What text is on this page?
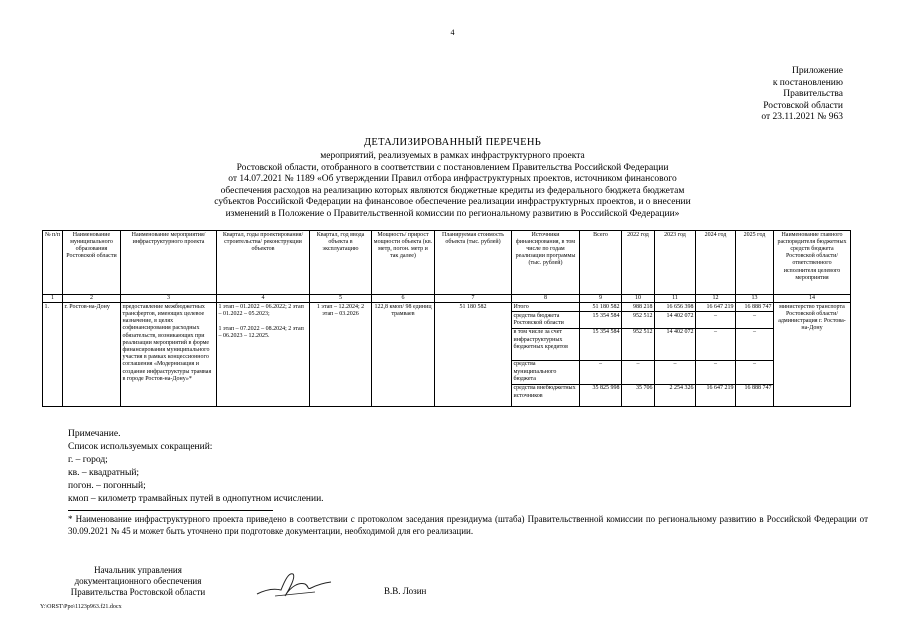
4
Приложение
к постановлению
Правительства
Ростовской области
от 23.11.2021 № 963
ДЕТАЛИЗИРОВАННЫЙ ПЕРЕЧЕНЬ
мероприятий, реализуемых в рамках инфраструктурного проекта
Ростовской области, отобранного в соответствии с постановлением Правительства Российской Федерации
от 14.07.2021 № 1189 «Об утверждении Правил отбора инфраструктурных проектов, источником финансового
обеспечения расходов на реализацию которых являются бюджетные кредиты из федерального бюджета бюджетам
субъектов Российской Федерации на финансовое обеспечение реализации инфраструктурных проектов, и о внесении
изменений в Положение о Правительственной комиссии по региональному развитию в Российской Федерации»
№ п/п	Наименование муниципального образования Ростовской области	Наименование мероприятия/ инфраструктурного проекта	Квартал, годы проектирования/ строительства/ реконструкции объектов	Квартал, год ввода объекта в эксплуатацию	Мощность/ прирост мощности объекта (кв. метр, погон. метр и так далее)	Планируемая стоимость объекта (тыс. рублей)	Источники финансирования, в том числе по годам реализации программы (тыс. рублей)	Всего	2022 год	2023 год	2024 год	2025 год	Наименование главного распорядителя бюджетных средств бюджета Ростовской области/ответственного исполнителя целевого мероприятия
1	2	3	4	5	6	7	8	9	10	11	12	13	14
1.	г. Ростов-на-Дону	предоставление межбюджетных трансфертов, имеющих целевое назначение, в целях софинансирования расходных обязательств, возникающих при реализации мероприятий в форме финансирования муниципального участия в рамках концессионного соглашения «Модернизация и создание инфраструктуры трамвая в городе Ростов-на-Дону»*	1 этап – 01.2022 – 06.2022; 2 этап – 01.2022 – 05.2023;
1 этап – 07.2022 – 08.2024; 2 этап – 06.2023 – 12.2025.	1 этап – 12.2024; 2 этап – 03.2026	122,8 кмоп/ 98 единиц трамваев	51 180 582	Итого	51 180 582	988 218	16 656 398	16 647 219	16 888 747	министерство транспорта Ростовской области/администрация г. Ростова-на-Дону
							средства бюджета Ростовской области	15 354 584	952 512	14 402 072	–	–	
							в том числе за счет инфраструктурных бюджетных кредитов	15 354 584	952 512	14 402 072	–	–	
							средства муниципального бюджета	–	–	–	–	–	
							средства внебюджетных источников	35 825 998	35 706	2 254 326	16 647 219	16 888 747	
Примечание.
Список используемых сокращений:
г. – город;
кв. – квадратный;
погон. – погонный;
кмоп – километр трамвайных путей в однопутном исчислении.
* Наименование инфраструктурного проекта приведено в соответствии с протоколом заседания президиума (штаба) Правительственной комиссии по региональному развитию в Российской Федерации от 30.09.2021 № 45 и может быть уточнено при подготовке документации, необходимой для его реализации.
Начальник управления
документационного обеспечения
Правительства Ростовской области	В.В. Лозин
Y:\ORST\Ppo\1123p963.f21.docx
